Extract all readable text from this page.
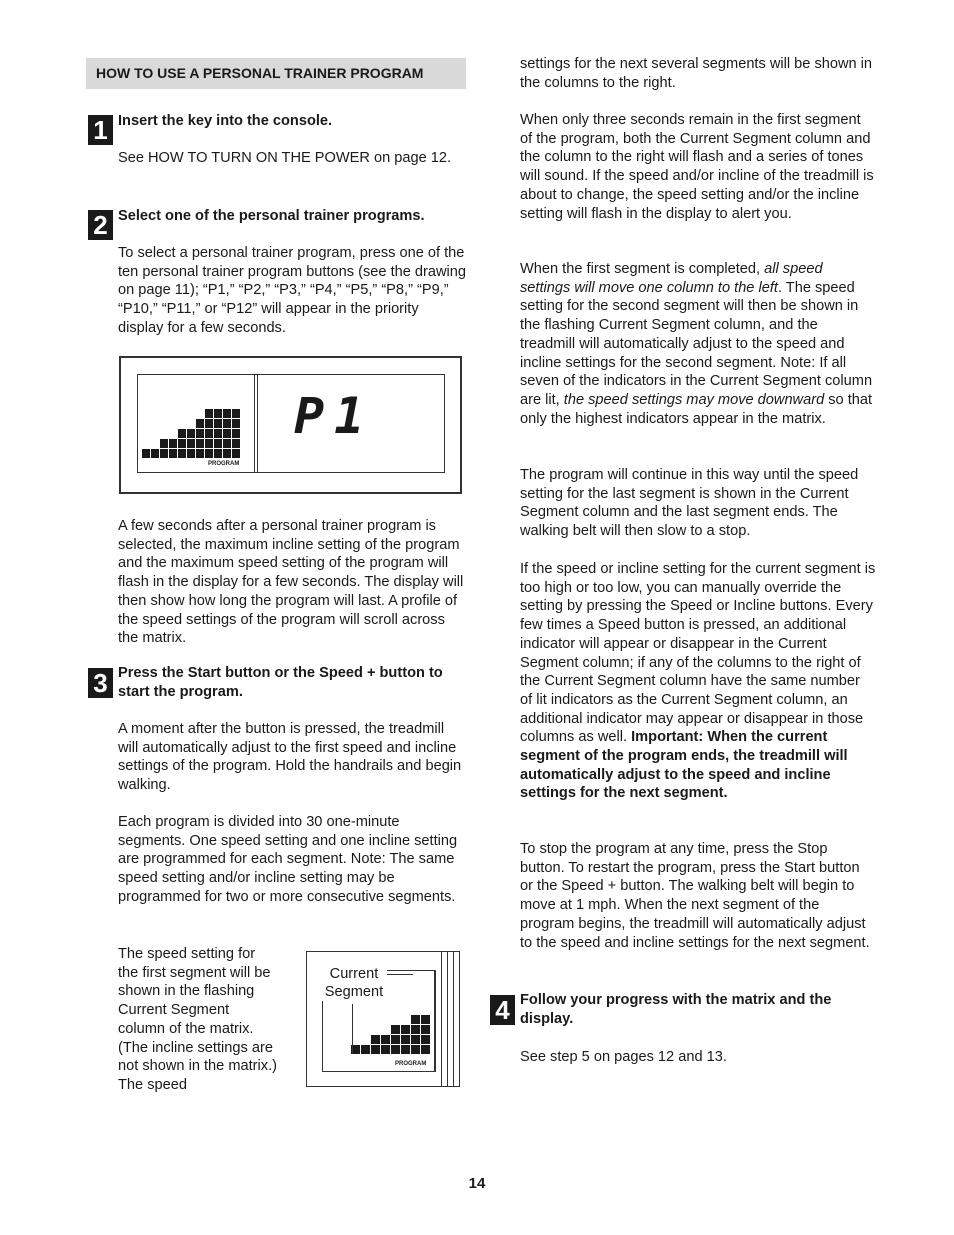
HOW TO USE A PERSONAL TRAINER PROGRAM
1 Insert the key into the console.

See HOW TO TURN ON THE POWER on page 12.

2 Select one of the personal trainer programs.

To select a personal trainer program, press one of the ten personal trainer program buttons (see the drawing on page 11); “P1,” “P2,” “P3,” “P4,” “P5,” “P8,” “P9,” “P10,” “P11,” or “P12” will appear in the priority display for a few seconds.

PROGRAM
P1

A few seconds after a personal trainer program is selected, the maximum incline setting of the program and the maximum speed setting of the program will flash in the display for a few seconds. The display will then show how long the program will last. A profile of the speed settings of the program will scroll across the matrix.

3 Press the Start button or the Speed + button to start the program.

A moment after the button is pressed, the treadmill will automatically adjust to the first speed and incline settings of the program. Hold the handrails and begin walking.

Each program is divided into 30 one-minute segments. One speed setting and one incline setting are programmed for each segment. Note: The same speed setting and/or incline setting may be programmed for two or more consecutive segments.

The speed setting for the first segment will be shown in the flashing Current Segment column of the matrix. (The incline settings are not shown in the matrix.) The speed

PROGRAM
Current Segment

settings for the next several segments will be shown in the columns to the right.

When only three seconds remain in the first segment of the program, both the Current Segment column and the column to the right will flash and a series of tones will sound. If the speed and/or incline of the treadmill is about to change, the speed setting and/or the incline setting will flash in the display to alert you.

When the first segment is completed, all speed settings will move one column to the left. The speed setting for the second segment will then be shown in the flashing Current Segment column, and the treadmill will automatically adjust to the speed and incline settings for the second segment. Note: If all seven of the indicators in the Current Segment column are lit, the speed settings may move downward so that only the highest indicators appear in the matrix.

The program will continue in this way until the speed setting for the last segment is shown in the Current Segment column and the last segment ends. The walking belt will then slow to a stop.

If the speed or incline setting for the current segment is too high or too low, you can manually override the setting by pressing the Speed or Incline buttons. Every few times a Speed button is pressed, an additional indicator will appear or disappear in the Current Segment column; if any of the columns to the right of the Current Segment column have the same number of lit indicators as the Current Segment column, an additional indicator may appear or disappear in those columns as well. Important: When the current segment of the program ends, the treadmill will automatically adjust to the speed and incline settings for the next segment.

To stop the program at any time, press the Stop button. To restart the program, press the Start button or the Speed + button. The walking belt will begin to move at 1 mph. When the next segment of the program begins, the treadmill will automatically adjust to the speed and incline settings for the next segment.

4 Follow your progress with the matrix and the display.

See step 5 on pages 12 and 13.

14
